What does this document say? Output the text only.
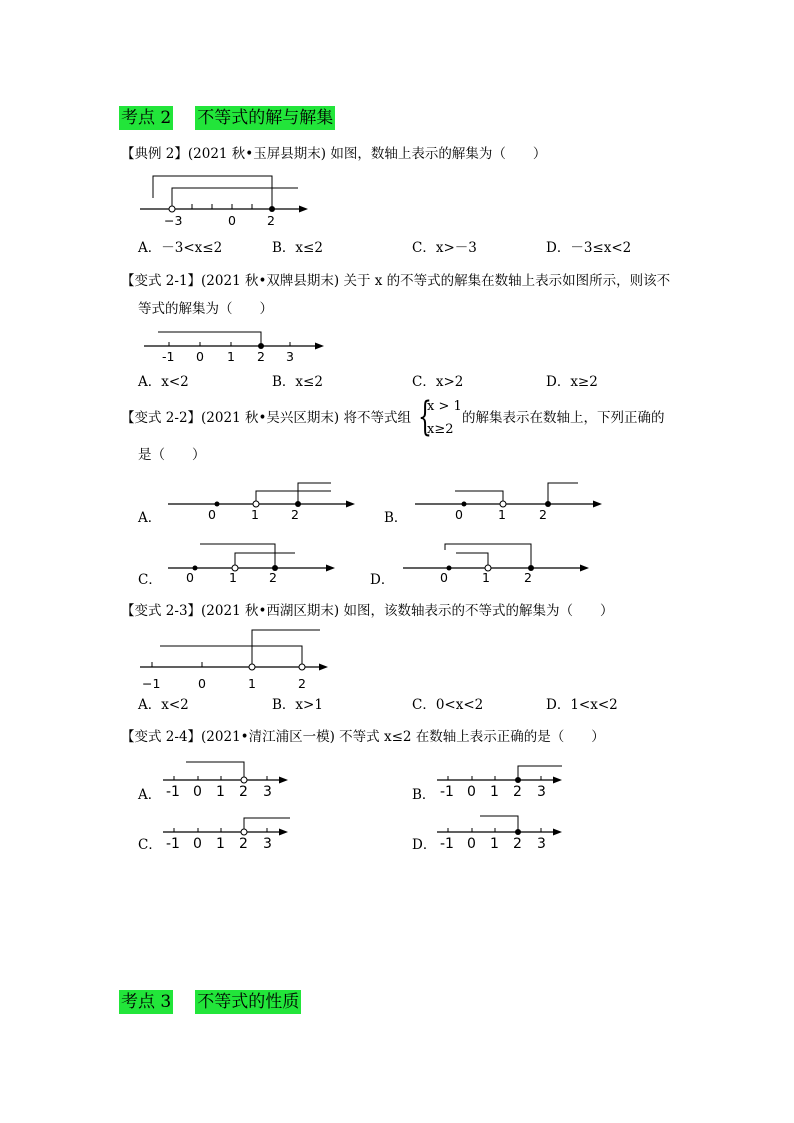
考点 2 不等式的解与解集
【典例 2】(2021 秋•玉屏县期末) 如图，数轴上表示的解集为（　　）
−3	0 2
A．－3<x≤2	B．x≤2	C．x>－3	D．－3≤x<2
【变式 2-1】(2021 秋•双牌县期末) 关于 x 的不等式的解集在数轴上表示如图所示，则该不
等式的解集为（　　）
-1 0 1 2 3
A．x<2	B．x≤2	C．x>2	D．x≥2
【变式 2-2】(2021 秋•吴兴区期末) 将不等式组 {
x > 1
x≥2
的解集表示在数轴上，下列正确的
是（　　）
A．	0	1	2	B．	0	1	2
C． 0	1	2	D．	0	1	2
【变式 2-3】(2021 秋•西湖区期末) 如图，该数轴表示的不等式的解集为（　　）
−1	0	1	2
A．x<2	B．x>1	C．0<x<2	D．1<x<2
【变式 2-4】(2021•清江浦区一模) 不等式 x≤2 在数轴上表示正确的是（　　）
A． -1 0 1 2 3	B． -1 0 1 2 3
C． -1 0 1 2 3	D． -1 0 1 2 3
考点 3 不等式的性质
